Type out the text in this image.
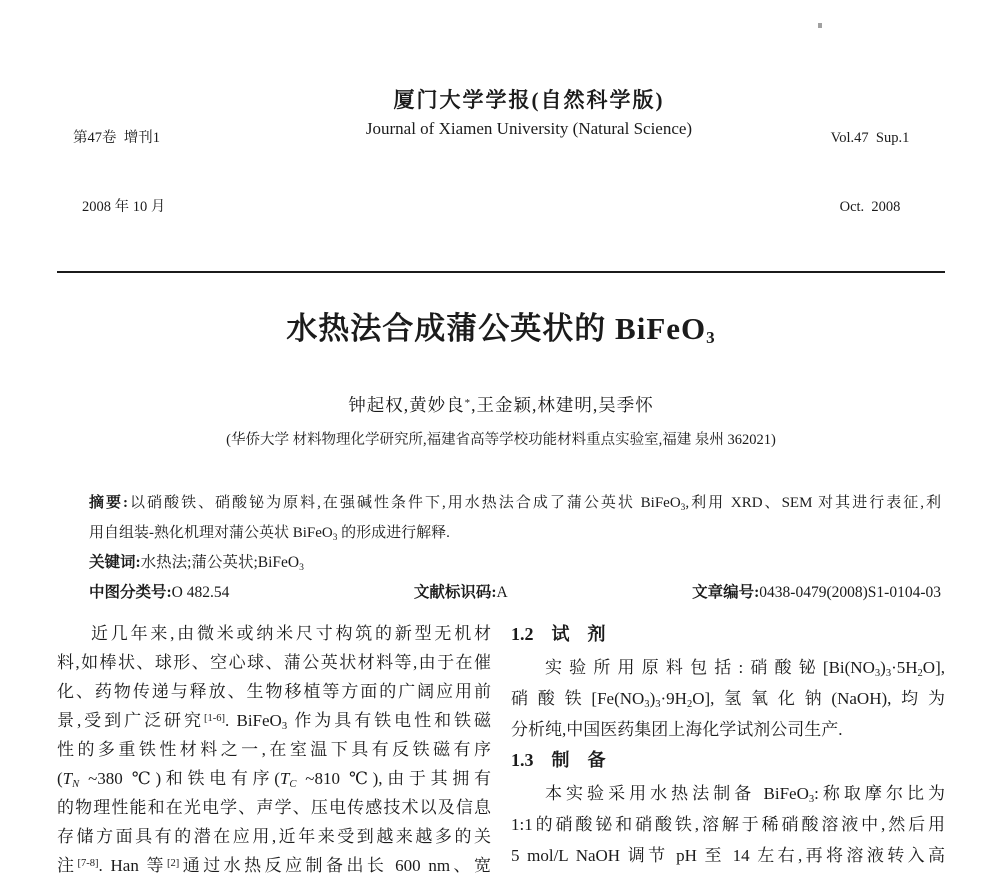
第47卷  增刊1

2008 年 10 月

厦门大学学报(自然科学版)
Journal of Xiamen University (Natural Science)

	Vol.47  Sup.1

Oct.  2008

水热法合成蒲公英状的 BiFeO3
钟起权,黄妙良*,王金颖,林建明,吴季怀
(华侨大学 材料物理化学研究所,福建省高等学校功能材料重点实验室,福建 泉州 362021)
摘要:以硝酸铁、硝酸铋为原料,在强碱性条件下,用水热法合成了蒲公英状 BiFeO3,利用 XRD、SEM 对其进行表征,利
用自组装-熟化机理对蒲公英状 BiFeO3 的形成进行解释.
关键词:水热法;蒲公英状;BiFeO3
中图分类号:O 482.54	文献标识码:A	文章编号:0438-0479(2008)S1-0104-03
近几年来,由微米或纳米尺寸构筑的新型无机材
料,如棒状、球形、空心球、蒲公英状材料等,由于在催
化、药物传递与释放、生物移植等方面的广阔应用前
景,受到广泛研究[1-6]. BiFeO3 作为具有铁电性和铁磁
性的多重铁性材料之一,在室温下具有反铁磁有序
(TN ~380 ℃)和铁电有序(TC ~810 ℃),由于其拥有
的物理性能和在光电学、声学、压电传感技术以及信息
存储方面具有的潜在应用,近年来受到越来越多的关
注[7-8]. Han 等[2]通过水热反应制备出长 600 nm、宽
1.2　试　剂
实验所用原料包括:硝酸铋[Bi(NO3)3·5H2O],
硝酸铁[Fe(NO3)3·9H2O],氢氧化钠(NaOH),均为
分析纯,中国医药集团上海化学试剂公司生产.
1.3　制　备
本实验采用水热法制备 BiFeO3:称取摩尔比为
1:1的硝酸铋和硝酸铁,溶解于稀硝酸溶液中,然后用
5 mol/L NaOH 调节 pH 至 14 左右,再将溶液转入高
